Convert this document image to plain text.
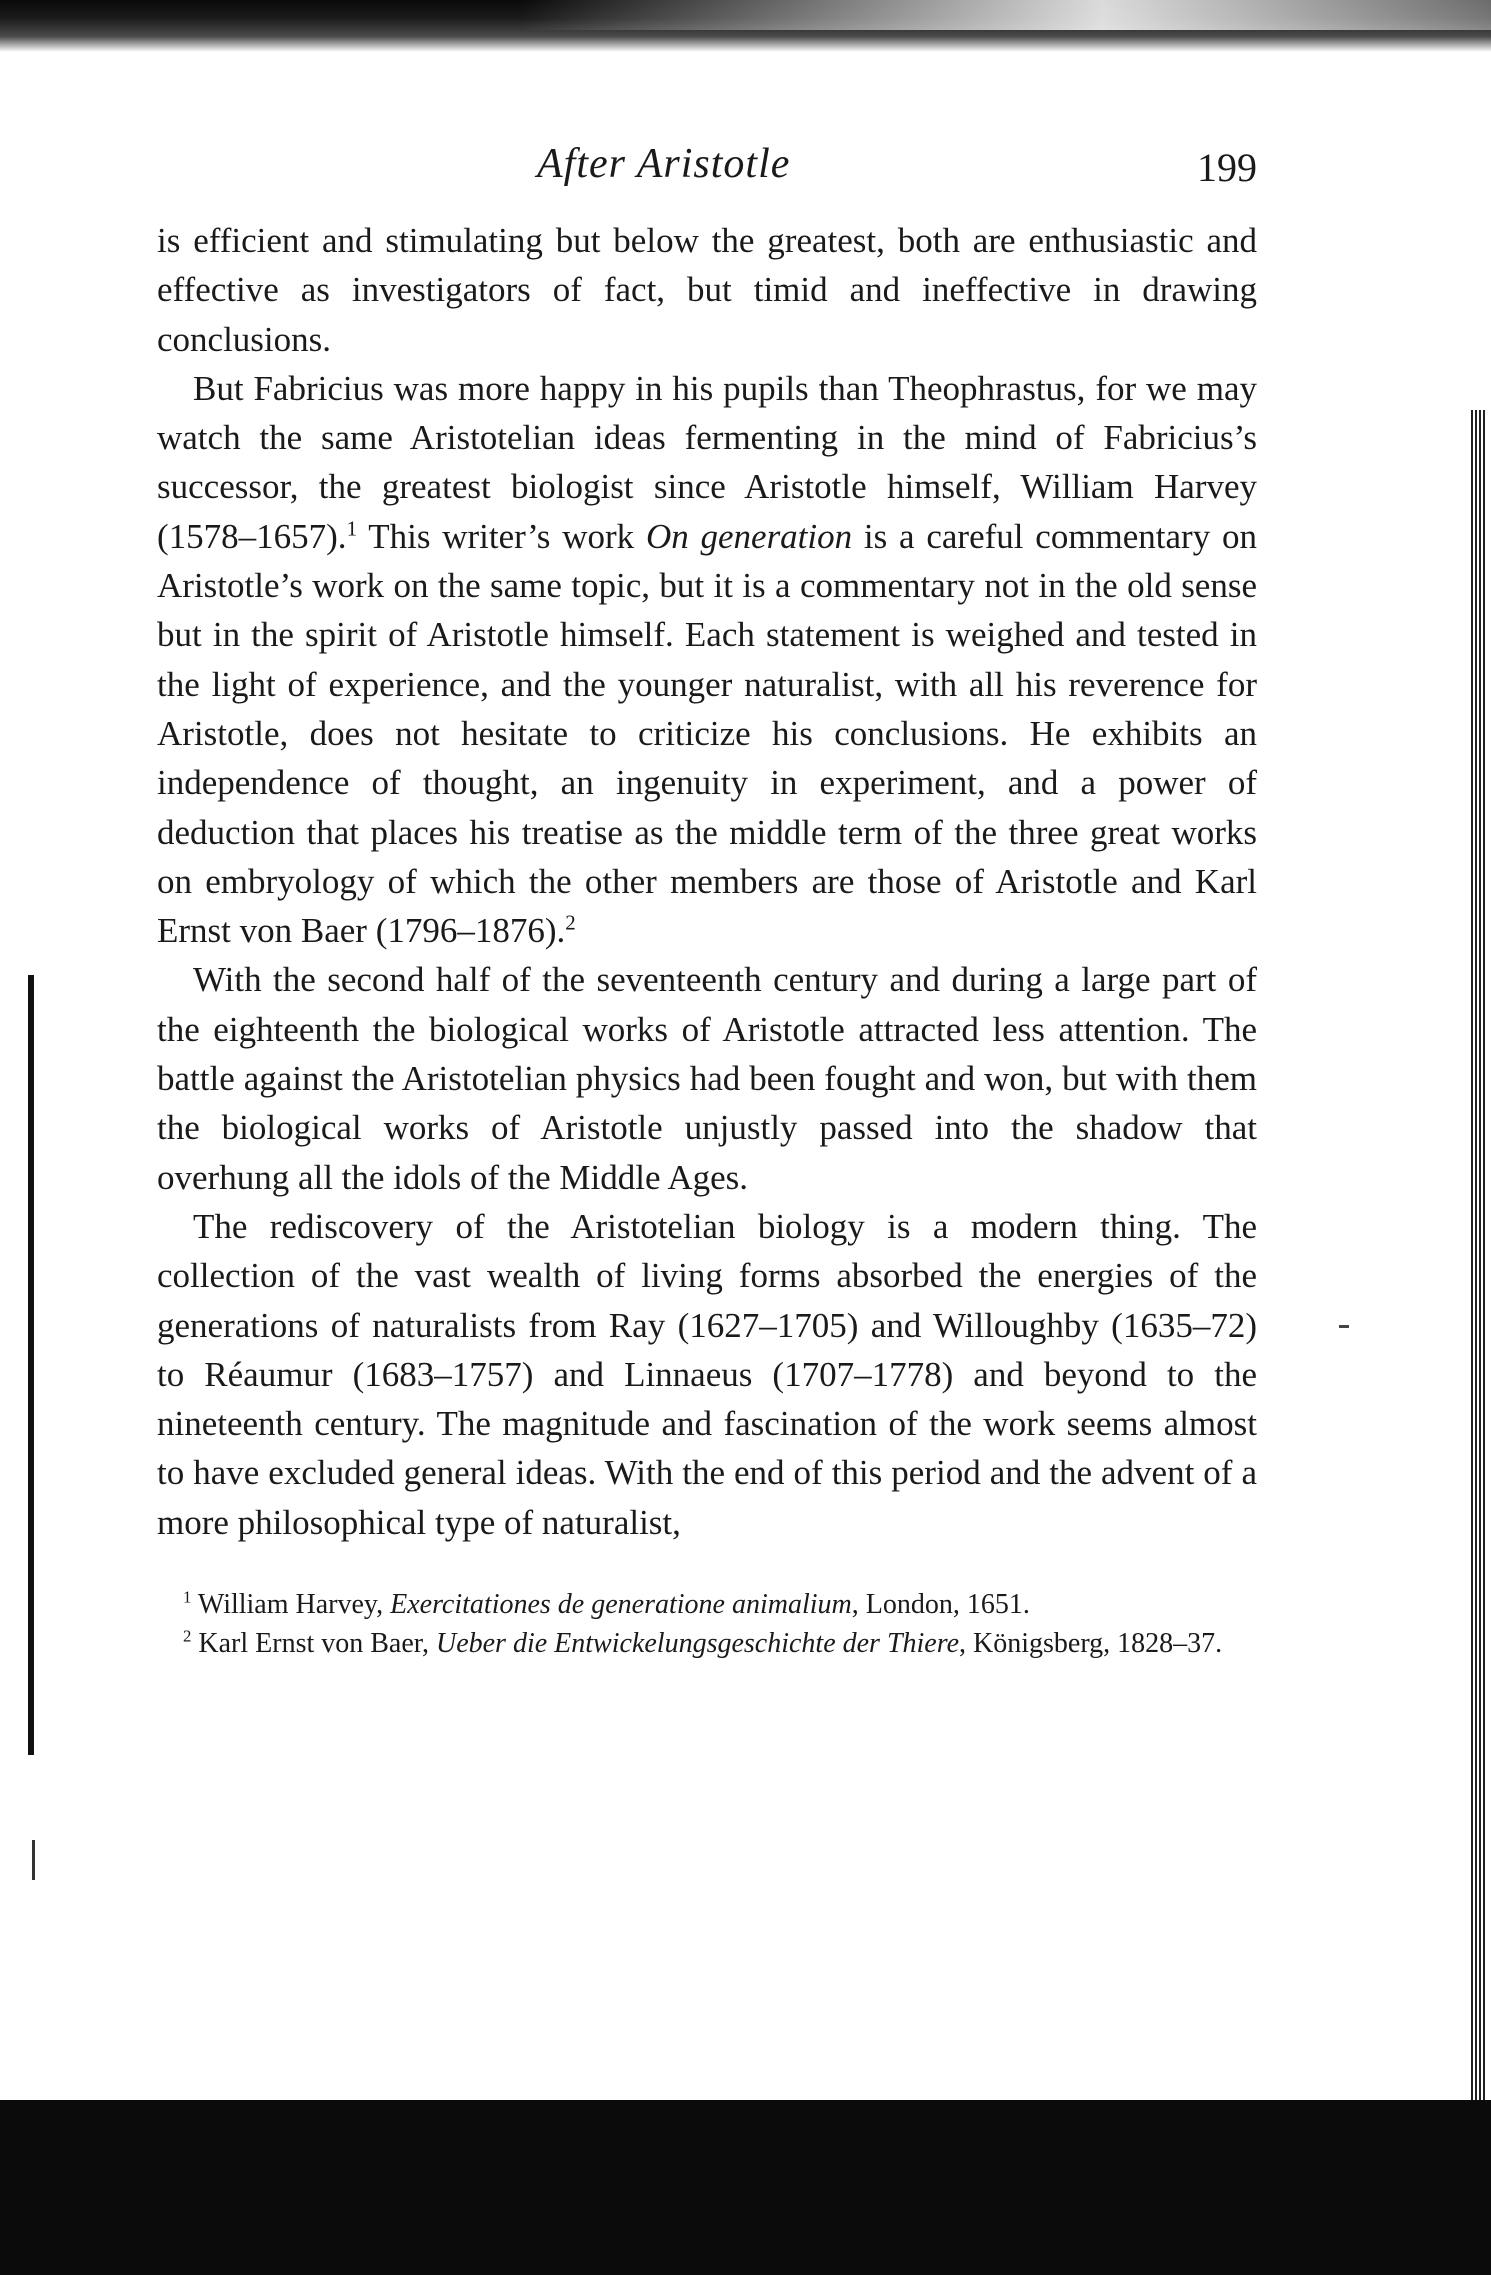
After Aristotle	199

is efficient and stimulating but below the greatest, both are enthusiastic and effective as investigators of fact, but timid and ineffective in drawing conclusions.

But Fabricius was more happy in his pupils than Theophrastus, for we may watch the same Aristotelian ideas fermenting in the mind of Fabricius’s successor, the greatest biologist since Aristotle himself, William Harvey (1578–1657).$^1$ This writer’s work On generation is a careful commentary on Aristotle’s work on the same topic, but it is a commentary not in the old sense but in the spirit of Aristotle himself. Each statement is weighed and tested in the light of experience, and the younger naturalist, with all his reverence for Aristotle, does not hesitate to criticize his conclusions. He exhibits an independence of thought, an ingenuity in experiment, and a power of deduction that places his treatise as the middle term of the three great works on embryology of which the other members are those of Aristotle and Karl Ernst von Baer (1796–1876).$^2$

With the second half of the seventeenth century and during a large part of the eighteenth the biological works of Aristotle attracted less attention. The battle against the Aristotelian physics had been fought and won, but with them the biological works of Aristotle unjustly passed into the shadow that overhung all the idols of the Middle Ages.

The rediscovery of the Aristotelian biology is a modern thing. The collection of the vast wealth of living forms absorbed the energies of the generations of naturalists from Ray (1627–1705) and Willoughby (1635–72) to Réaumur (1683–1757) and Linnaeus (1707–1778) and beyond to the nineteenth century. The magnitude and fascination of the work seems almost to have excluded general ideas. With the end of this period and the advent of a more philosophical type of naturalist,

$^1$ William Harvey, Exercitationes de generatione animalium, London, 1651.

$^2$ Karl Ernst von Baer, Ueber die Entwickelungsgeschichte der Thiere, Königsberg, 1828–37.
